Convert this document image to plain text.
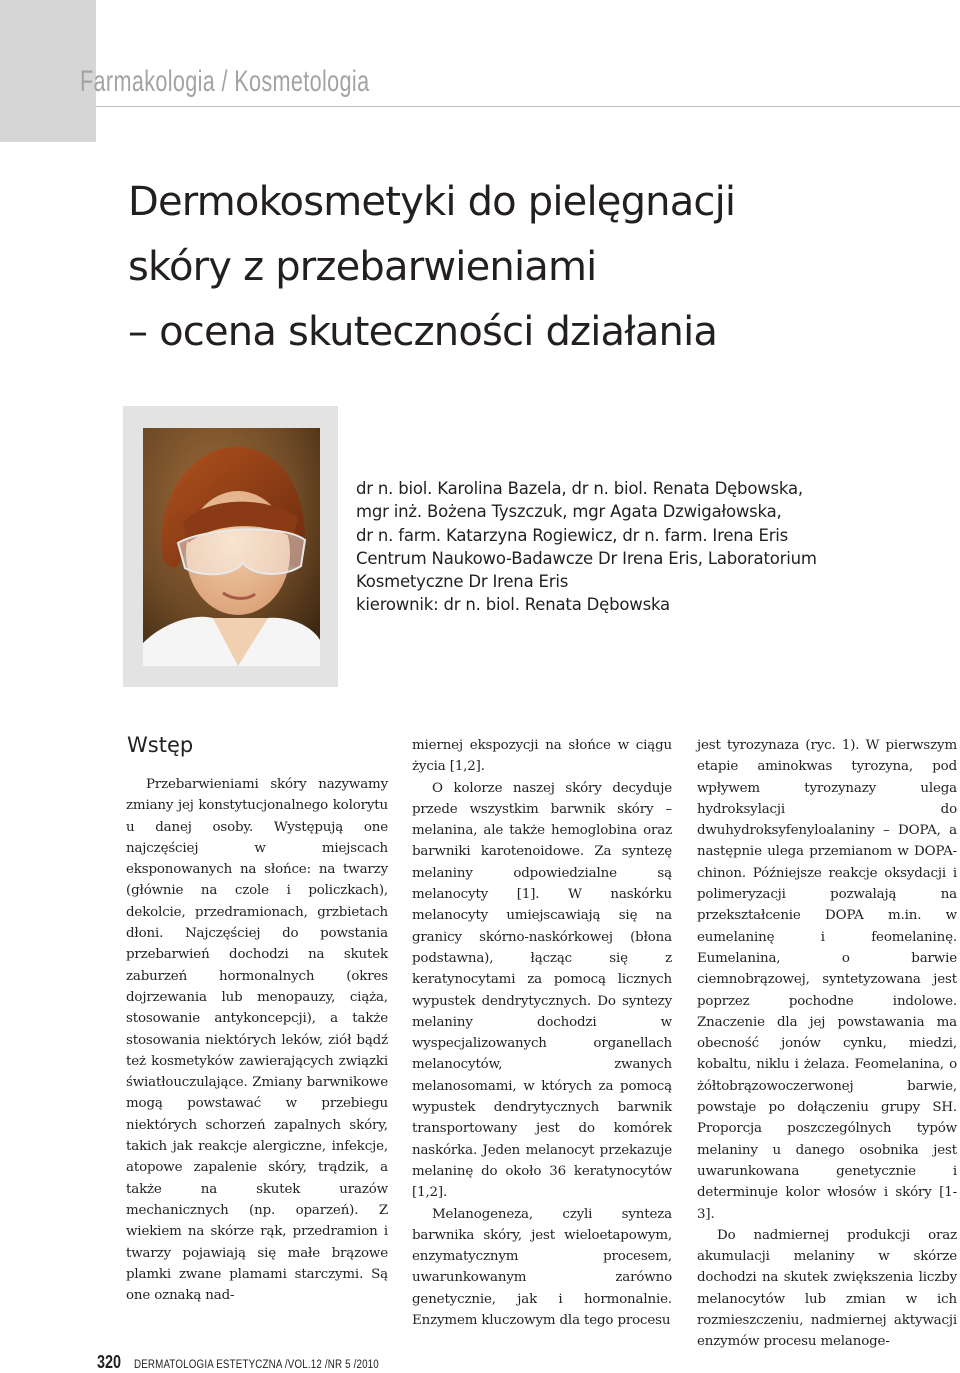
Farmakologia / Kosmetologia
Dermokosmetyki do pielęgnacji
skóry z przebarwieniami
– ocena skuteczności działania
dr n. biol. Karolina Bazela, dr n. biol. Renata Dębowska,
mgr inż. Bożena Tyszczuk, mgr Agata Dzwigałowska,
dr n. farm. Katarzyna Rogiewicz, dr n. farm. Irena Eris
Centrum Naukowo-Badawcze Dr Irena Eris, Laboratorium
Kosmetyczne Dr Irena Eris
kierownik: dr n. biol. Renata Dębowska
Wstęp

Przebarwieniami skóry nazywamy zmiany jej konstytucjonalnego kolorytu u danej osoby. Występują one najczęściej w miejscach eksponowanych na słońce: na twarzy (głównie na czole i policzkach), dekolcie, przedramionach, grzbietach dłoni. Najczęściej do powstania przebarwień dochodzi na skutek zaburzeń hormonalnych (okres dojrzewania lub menopauzy, ciąża, stosowanie antykoncepcji), a także stosowania niektórych leków, ziół bądź też kosmetyków zawierających związki światłouczulające. Zmiany barwnikowe mogą powstawać w przebiegu niektórych schorzeń zapalnych skóry, takich jak reakcje alergiczne, infekcje, atopowe zapalenie skóry, trądzik, a także na skutek urazów mechanicznych (np. oparzeń). Z wiekiem na skórze rąk, przedramion i twarzy pojawiają się małe brązowe plamki zwane plamami starczymi. Są one oznaką nad-

miernej ekspozycji na słońce w ciągu życia [1,2].

O kolorze naszej skóry decyduje przede wszystkim barwnik skóry – melanina, ale także hemoglobina oraz barwniki karotenoidowe. Za syntezę melaniny odpowiedzialne są melanocyty [1]. W naskórku melanocyty umiejscawiają się na granicy skórno-naskórkowej (błona podstawna), łącząc się z keratynocytami za pomocą licznych wypustek dendrytycznych. Do syntezy melaniny dochodzi w wyspecjalizowanych organellach melanocytów, zwanych melanosomami, w których za pomocą wypustek dendrytycznych barwnik transportowany jest do komórek naskórka. Jeden melanocyt przekazuje melaninę do około 36 keratynocytów [1,2].

Melanogeneza, czyli synteza barwnika skóry, jest wieloetapowym, enzymatycznym procesem, uwarunkowanym zarówno genetycznie, jak i hormonalnie. Enzymem kluczowym dla tego procesu

jest tyrozynaza (ryc. 1). W pierwszym etapie aminokwas tyrozyna, pod wpływem tyrozynazy ulega hydroksylacji do dwuhydroksyfenyloalaniny – DOPA, a następnie ulega przemianom w DOPA-chinon. Późniejsze reakcje oksydacji i polimeryzacji pozwalają na przekształcenie DOPA m.in. w eumelaninę i feomelaninę. Eumelanina, o barwie ciemnobrązowej, syntetyzowana jest poprzez pochodne indolowe. Znaczenie dla jej powstawania ma obecność jonów cynku, miedzi, kobaltu, niklu i żelaza. Feomelanina, o żółtobrązowoczerwonej barwie, powstaje po dołączeniu grupy SH. Proporcja poszczególnych typów melaniny u danego osobnika jest uwarunkowana genetycznie i determinuje kolor włosów i skóry [1-3].

Do nadmiernej produkcji oraz akumulacji melaniny w skórze dochodzi na skutek zwiększenia liczby melanocytów lub zmian w ich rozmieszczeniu, nadmiernej aktywacji enzymów procesu melanoge-

320 DERMATOLOGIA ESTETYCZNA /VOL.12 /NR 5 /2010
